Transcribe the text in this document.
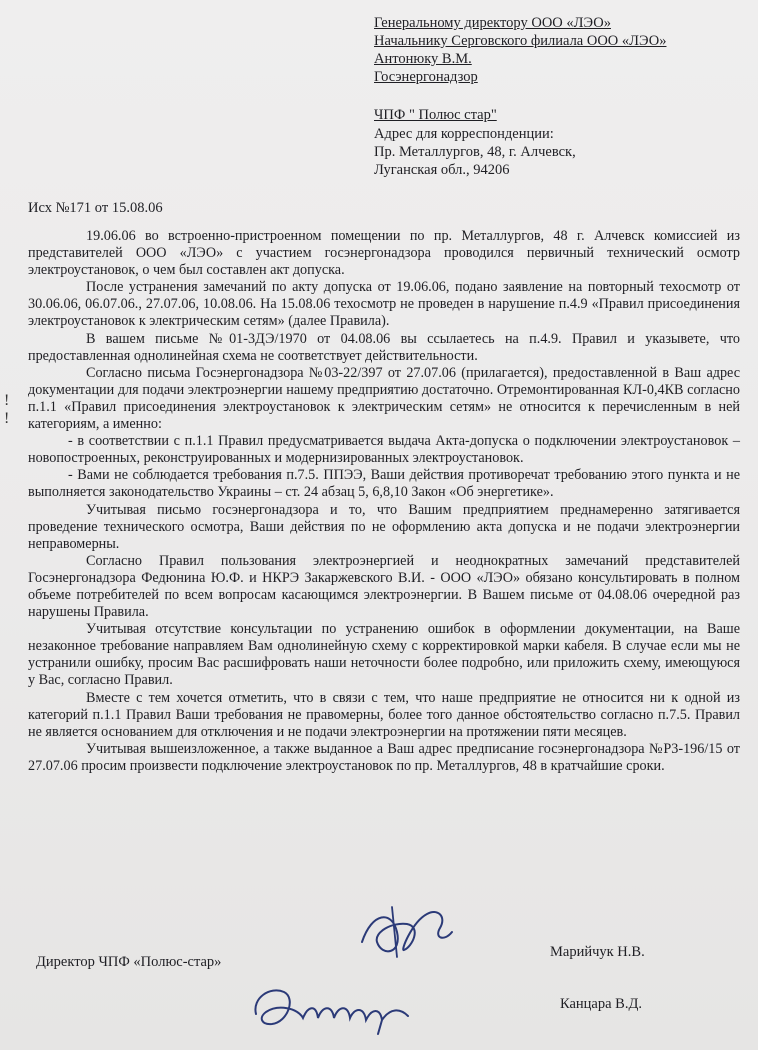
Генеральному директору ООО «ЛЭО»
Начальнику Серговского филиала ООО «ЛЭО»
Антонюку В.М.
Госэнергонадзор
ЧПФ " Полюс стар"
Адрес для корреспонденции:
Пр. Металлургов, 48, г. Алчевск,
Луганская обл., 94206
Исх №171 от 15.08.06
! !

19.06.06 во встроенно-пристроенном помещении по пр. Металлургов, 48 г. Алчевск комиссией из представителей ООО «ЛЭО» с участием госэнергонадзора проводился первичный технический осмотр электроустановок, о чем был составлен акт допуска.

После устранения замечаний по акту допуска от 19.06.06, подано заявление на повторный техосмотр от 30.06.06, 06.07.06., 27.07.06, 10.08.06. На 15.08.06 техосмотр не проведен в нарушение п.4.9 «Правил присоединения электроустановок к электрическим сетям» (далее Правила).

В вашем письме №01-3ДЭ/1970 от 04.08.06 вы ссылаетесь на п.4.9. Правил и указывете, что предоставленная однолинейная схема не соответствует действительности.

Согласно письма Госэнергонадзора №03-22/397 от 27.07.06 (прилагается), предоставленной в Ваш адрес документации для подачи электроэнергии нашему предприятию достаточно. Отремонтированная КЛ-0,4КВ согласно п.1.1 «Правил присоединения электроустановок к электрическим сетям» не относится к перечисленным в ней категориям, а именно:

- в соответствии с п.1.1 Правил предусматривается выдача Акта-допуска о подключении электроустановок – новопостроенных, реконструированных и модернизированных электроустановок.

- Вами не соблюдается требования п.7.5. ППЭЭ, Ваши действия противоречат требованию этого пункта и не выполняется законодательство Украины – ст. 24 абзац 5, 6,8,10 Закон «Об энергетике».

Учитывая письмо госэнергонадзора и то, что Вашим предприятием преднамеренно затягивается проведение технического осмотра, Ваши действия по не оформлению акта допуска и не подачи электроэнергии неправомерны.

Согласно Правил пользования электроэнергией и неоднократных замечаний представителей Госэнергонадзора Федюнина Ю.Ф. и НКРЭ Закаржевского В.И. - ООО «ЛЭО» обязано консультировать в полном объеме потребителей по всем вопросам касающимся электроэнергии. В Вашем письме от 04.08.06 очередной раз нарушены Правила.

Учитывая отсутствие консультации по устранению ошибок в оформлении документации, на Ваше незаконное требование направляем Вам однолинейную схему с корректировкой марки кабеля. В случае если мы не устранили ошибку, просим Вас расшифровать наши неточности более подробно, или приложить схему, имеющуюся у Вас, согласно Правил.

Вместе с тем хочется отметить, что в связи с тем, что наше предприятие не относится ни к одной из категорий п.1.1 Правил Ваши требования не правомерны, более того данное обстоятельство согласно п.7.5. Правил не является основанием для отключения и не подачи электроэнергии на протяжении пяти месяцев.

Учитывая вышеизложенное, а также выданное а Ваш адрес предписание госэнергонадзора №Р3-196/15 от 27.07.06 просим произвести подключение электроустановок по пр. Металлургов, 48 в кратчайшие сроки.

Директор ЧПФ «Полюс-стар»
Марийчук Н.В.
Канцара В.Д.
